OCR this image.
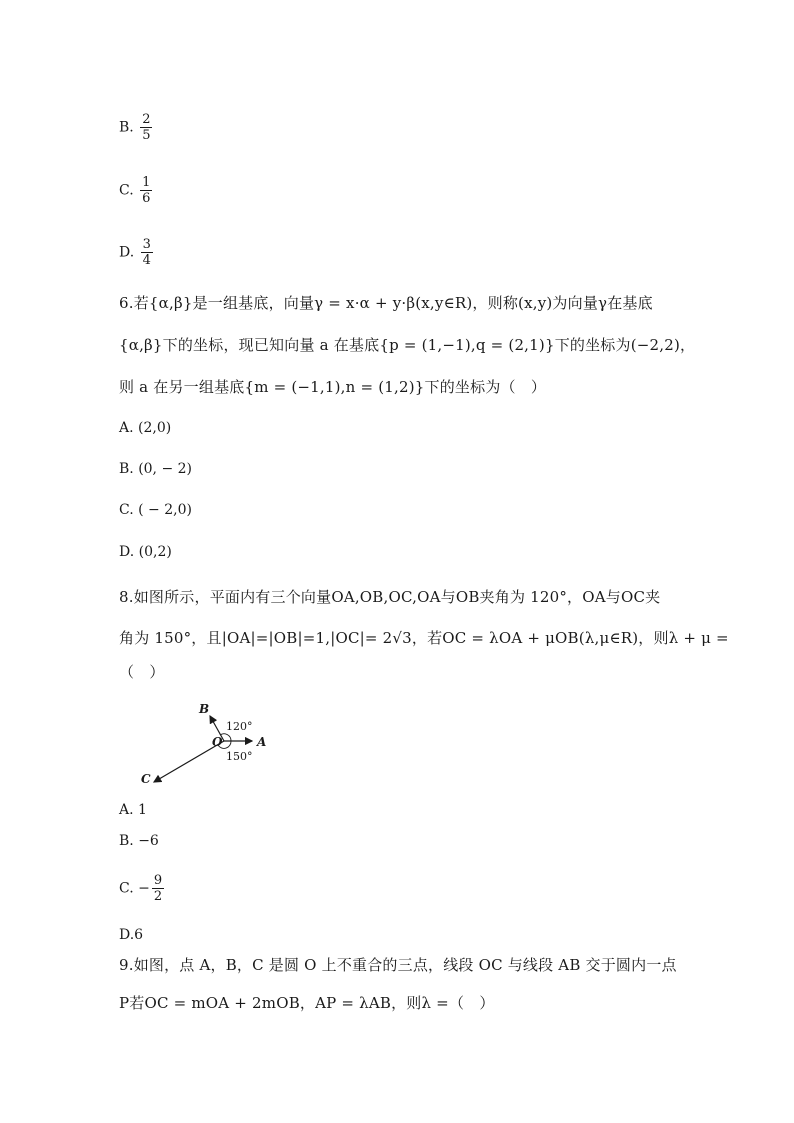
B. $\frac{2}{5}$
C. $\frac{1}{6}$
D. $\frac{3}{4}$
6.若{α,β}是一组基底，向量γ = x·α + y·β(x,y∈R)，则称(x,y)为向量γ在基底
{α,β}下的坐标，现已知向量 a 在基底{p = (1,−1),q = (2,1)}下的坐标为(−2,2)，
则 a 在另一组基底{m = (−1,1),n = (1,2)}下的坐标为（　）
A. (2,0)
B. (0, − 2)
C. ( − 2,0)
D. (0,2)
8.如图所示，平面内有三个向量OA,OB,OC,OA与OB夹角为 120°，OA与OC夹
角为 150°，且|OA|=|OB|=1,|OC|= 2√3，若OC = λOA + μOB(λ,μ∈R)，则λ + μ =
（　）
B
O	A
C
120°
150°
A. 1
B. −6
C. − $\frac{9}{2}$
D.6
9.如图，点 A，B，C 是圆 O 上不重合的三点，线段 OC 与线段 AB 交于圆内一点
P若OC = mOA + 2mOB，AP = λAB，则λ =（　）
